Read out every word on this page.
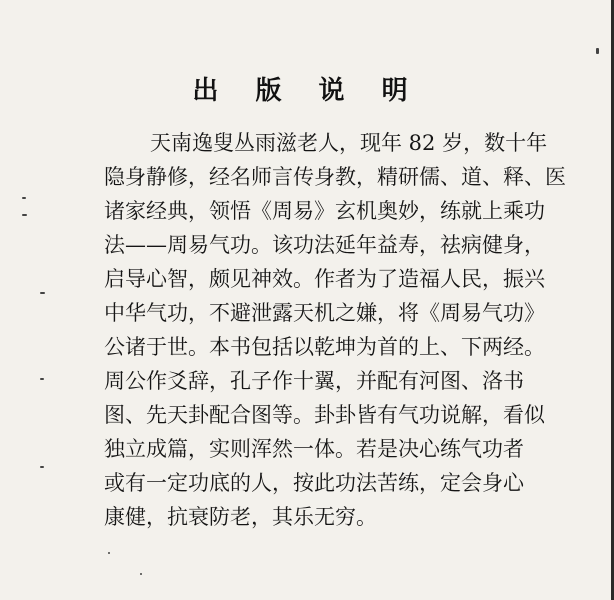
出 版 说 明
天南逸叟丛雨滋老人，现年 82 岁，数十年
隐身静修，经名师言传身教，精研儒、道、释、医
诸家经典，领悟《周易》玄机奥妙，练就上乘功
法——周易气功。该功法延年益寿，祛病健身，
启导心智，颇见神效。作者为了造福人民，振兴
中华气功，不避泄露天机之嫌，将《周易气功》
公诸于世。本书包括以乾坤为首的上、下两经。
周公作爻辞，孔子作十翼，并配有河图、洛书
图、先天卦配合图等。卦卦皆有气功说解，看似
独立成篇，实则浑然一体。若是决心练气功者
或有一定功底的人，按此功法苦练，定会身心
康健，抗衰防老，其乐无穷。
